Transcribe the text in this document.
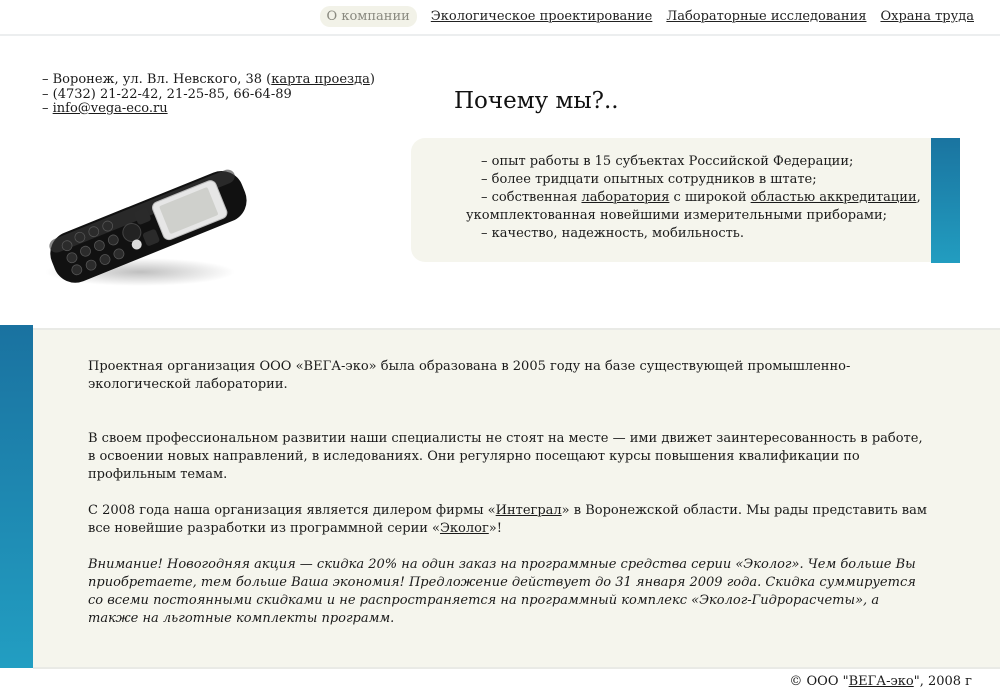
О компании	Экологическое проектирование Лабораторные исследования Охрана труда
– Воронеж, ул. Вл. Невского, 38 (карта проезда)
– (4732) 21-22-42, 21-25-85, 66-64-89
– info@vega-eco.ru	Почему мы?..
– опыт работы в 15 субъектах Российской Федерации;
– более тридцати опытных сотрудников в штате;
– собственная лаборатория с широкой областью аккредитации,
укомплектованная новейшими измерительными приборами;
– качество, надежность, мобильность.

Проектная организация ООО «ВЕГА-эко» была образована в 2005 году на базе существующей промышленно-экологической лаборатории.

В своем профессиональном развитии наши специалисты не стоят на месте — ими движет заинтересованность в работе, в освоении новых направлений, в иследованиях. Они регулярно посещают курсы повышения квалификации по профильным темам.

С 2008 года наша организация является дилером фирмы «Интеграл» в Воронежской области. Мы рады представить вам все новейшие разработки из программной серии «Эколог»!

Внимание! Новогодняя акция — скидка 20% на один заказ на программные средства серии «Эколог». Чем больше Вы приобретаете, тем больше Ваша экономия! Предложение действует до 31 января 2009 года. Скидка суммируется со всеми постоянными скидками и не распространяется на программный комплекс «Эколог-Гидрорасчеты», а также на льготные комплекты программ.

© ООО "ВЕГА-эко", 2008 г
